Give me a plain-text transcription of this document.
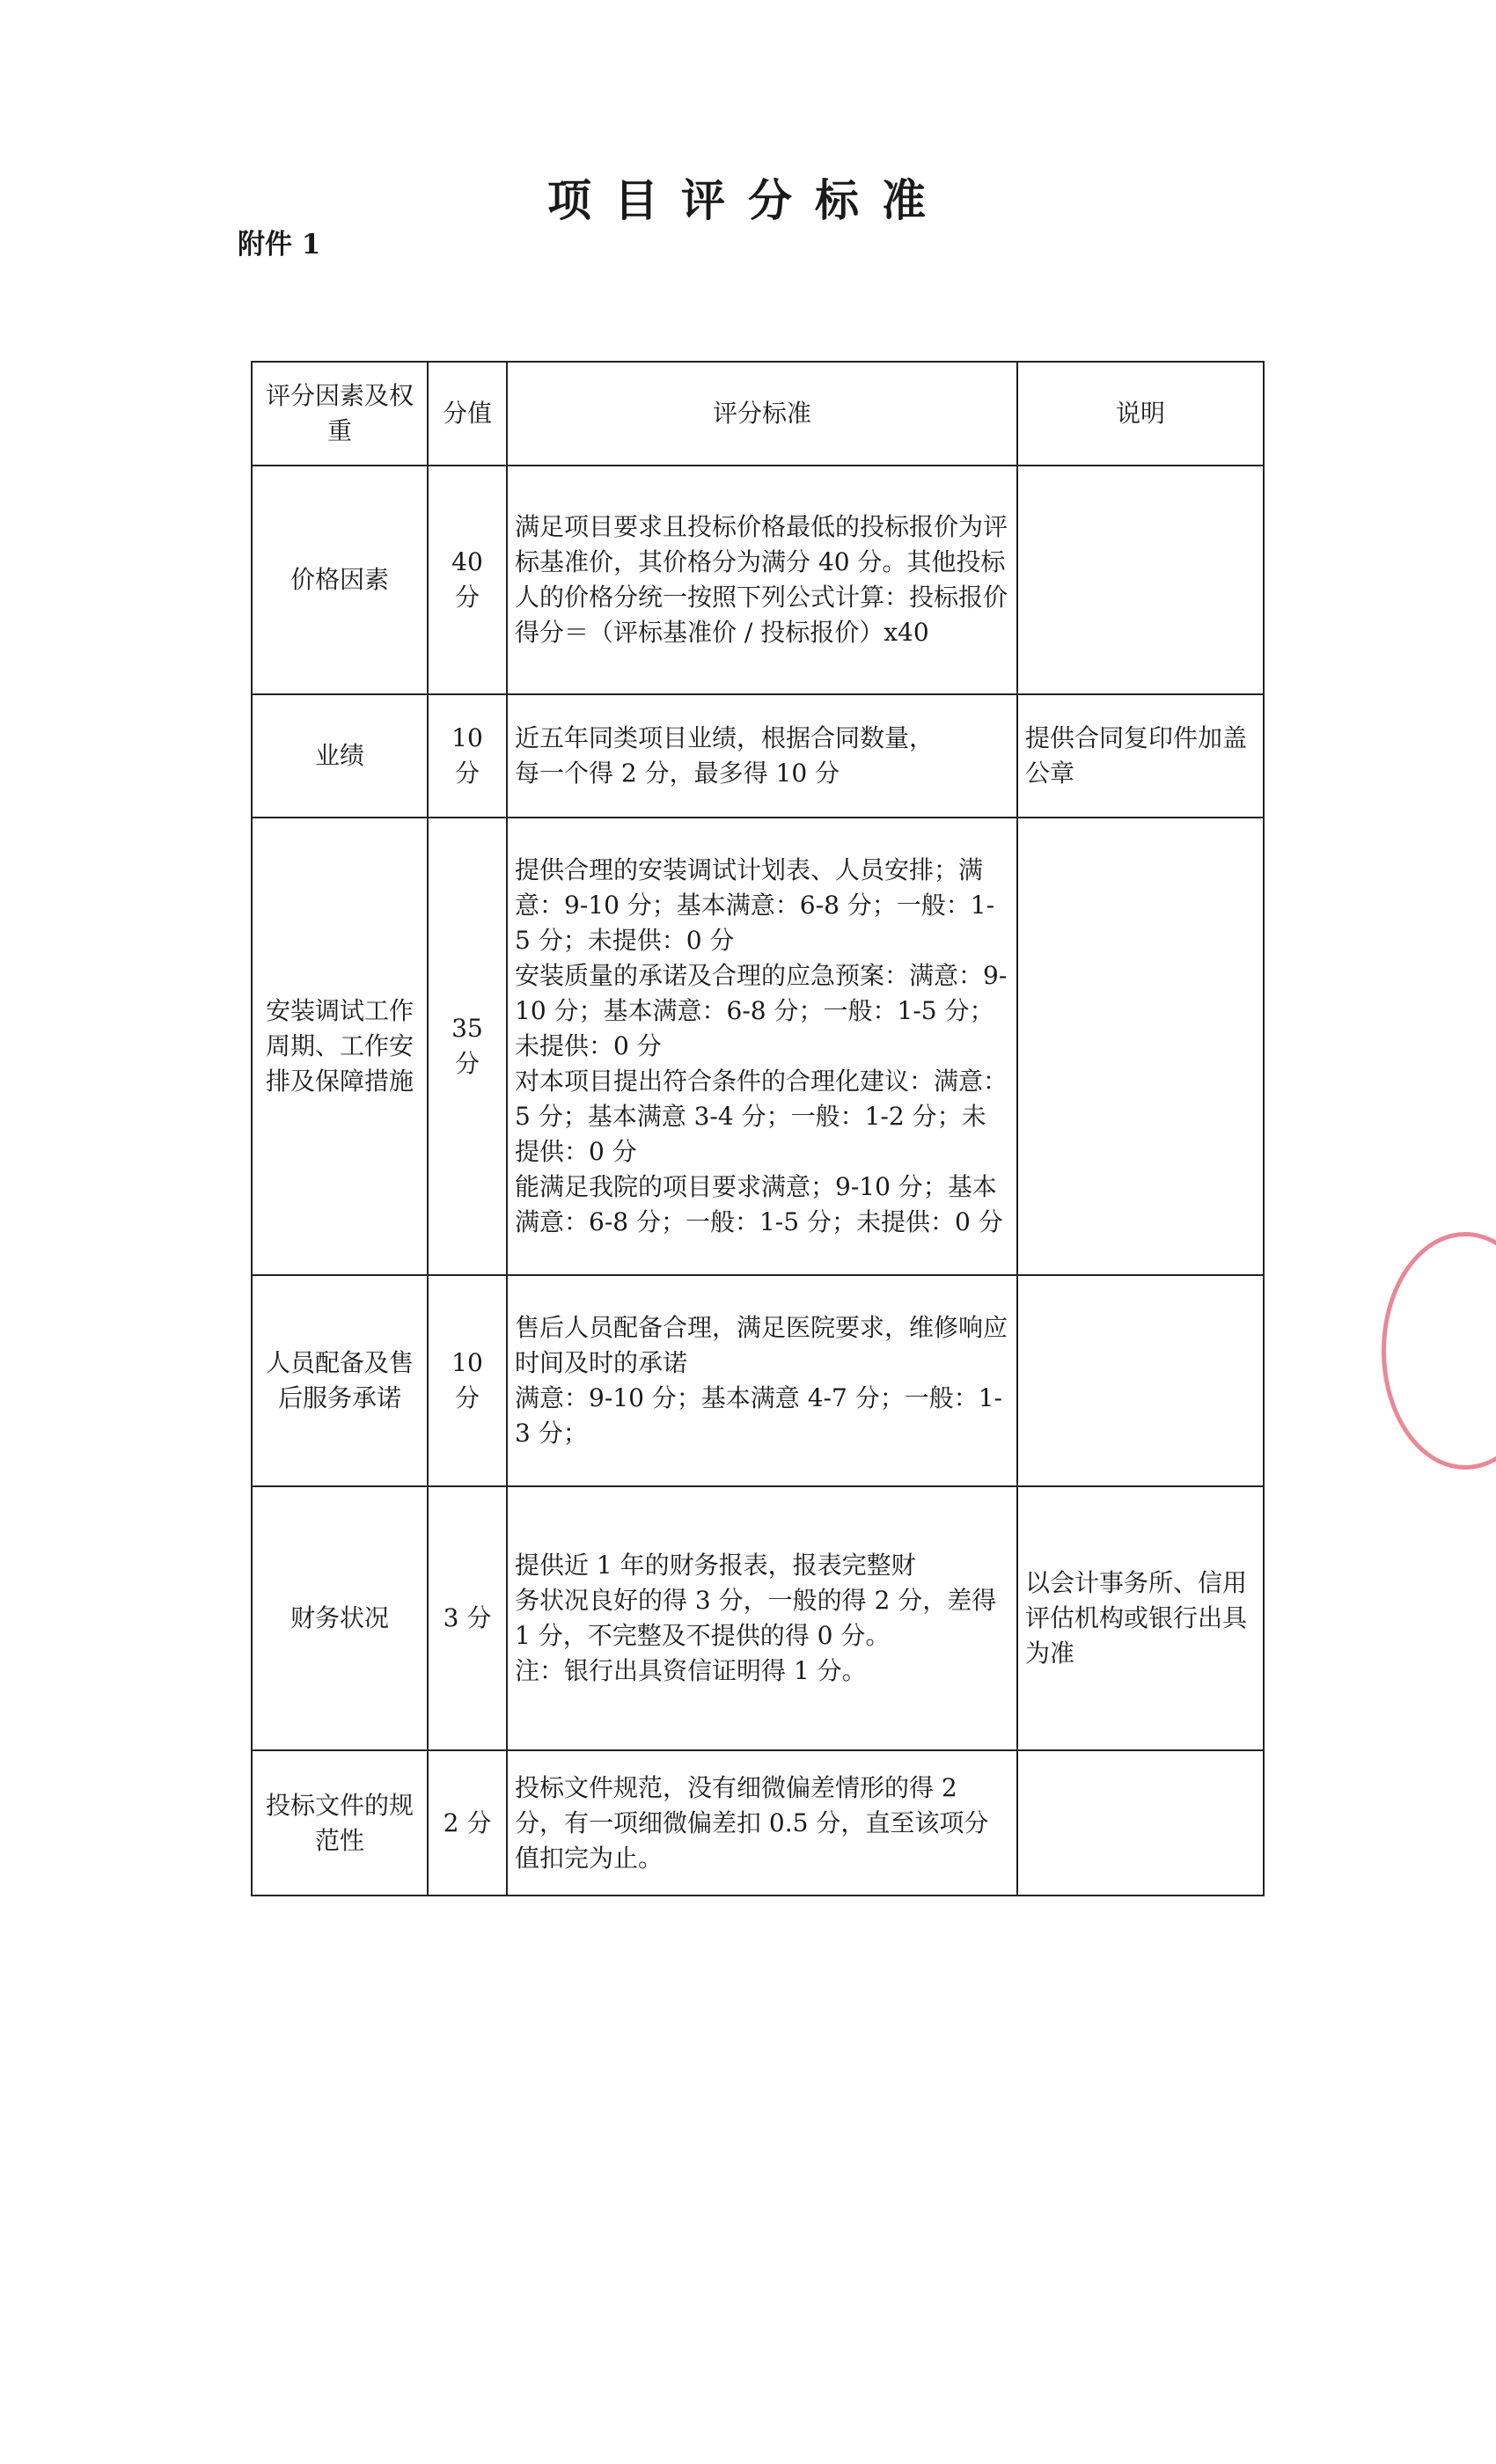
项目评分标准
附件 1
评分因素及权重	分值	评分标准	说明
价格因素	40 分	满足项目要求且投标价格最低的投标报价为评标基准价，其价格分为满分 40 分。其他投标人的价格分统一按照下列公式计算：投标报价得分＝（评标基准价 / 投标报价）x40	

业绩	10 分	近五年同类项目业绩，根据合同数量，
每一个得 2 分，最多得 10 分	提供合同复印件加盖公章
安装调试工作周期、工作安排及保障措施	35 分	提供合理的安装调试计划表、人员安排；满意：9-10 分；基本满意：6-8 分；一般：1-5 分；未提供：0 分
安装质量的承诺及合理的应急预案：满意：9-10 分；基本满意：6-8 分；一般：1-5 分；未提供：0 分
对本项目提出符合条件的合理化建议：满意：5 分；基本满意 3-4 分；一般：1-2 分；未提供：0 分
能满足我院的项目要求满意；9-10 分；基本满意：6-8 分；一般：1-5 分；未提供：0 分	

人员配备及售后服务承诺	10 分	售后人员配备合理，满足医院要求，维修响应时间及时的承诺
满意：9-10 分；基本满意 4-7 分；一般：1-3 分；	

财务状况	3 分	提供近 1 年的财务报表，报表完整财
务状况良好的得 3 分，一般的得 2 分，差得 1 分，不完整及不提供的得 0 分。
注：银行出具资信证明得 1 分。	以会计事务所、信用评估机构或银行出具为准
投标文件的规范性	2 分	投标文件规范，没有细微偏差情形的得 2 分，有一项细微偏差扣 0.5 分，直至该项分值扣完为止。	
